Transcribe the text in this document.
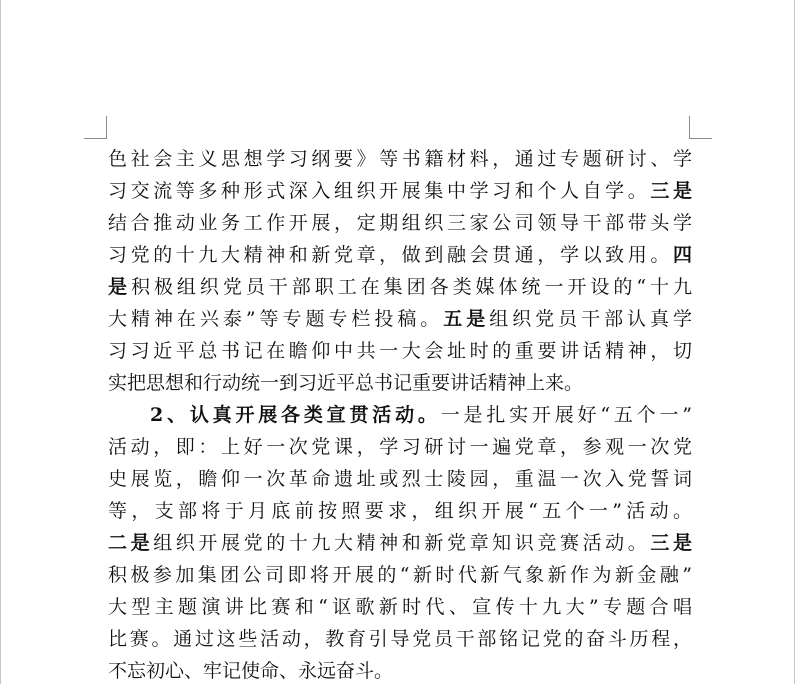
色社会主义思想学习纲要》等书籍材料，通过专题研讨、学
习交流等多种形式深入组织开展集中学习和个人自学。三是
结合推动业务工作开展，定期组织三家公司领导干部带头学
习党的十九大精神和新党章，做到融会贯通，学以致用。四
是积极组织党员干部职工在集团各类媒体统一开设的“十九
大精神在兴泰”等专题专栏投稿。五是组织党员干部认真学
习习近平总书记在瞻仰中共一大会址时的重要讲话精神，切
实把思想和行动统一到习近平总书记重要讲话精神上来。
2、认真开展各类宣贯活动。一是扎实开展好“五个一”
活动，即：上好一次党课，学习研讨一遍党章，参观一次党
史展览，瞻仰一次革命遗址或烈士陵园，重温一次入党誓词
等，支部将于月底前按照要求，组织开展“五个一”活动。
二是组织开展党的十九大精神和新党章知识竞赛活动。三是
积极参加集团公司即将开展的“新时代新气象新作为新金融”
大型主题演讲比赛和“讴歌新时代、宣传十九大”专题合唱
比赛。通过这些活动，教育引导党员干部铭记党的奋斗历程，
不忘初心、牢记使命、永远奋斗。
